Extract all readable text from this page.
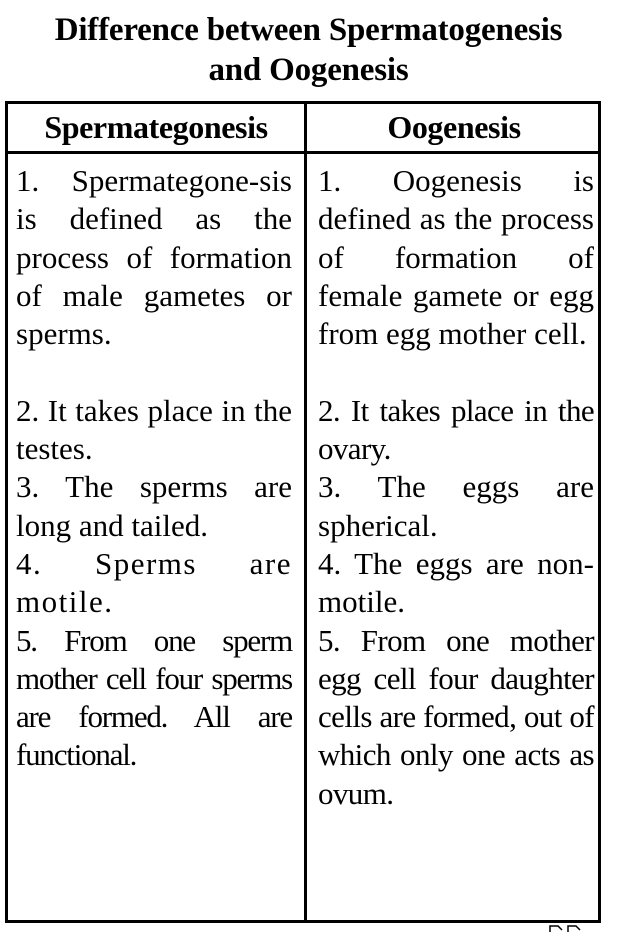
Difference between Spermatogenesis
and Oogenesis
Spermategonesis	Oogenesis

1. Spermategone-sis is defined as the process of formation of male gametes or sperms.

2. It takes place in the testes.

3. The sperms are long and tailed.

4. Sperms are motile.

5. From one sperm mother cell four sperms are formed. All are functional.

1. Oogenesis is defined as the process of formation of female gamete or egg from egg mother cell.

2. It takes place in the ovary.

3. The eggs are spherical.

4. The eggs are non-motile.

5. From one mother egg cell four daughter cells are formed, out of which only one acts as ovum.
